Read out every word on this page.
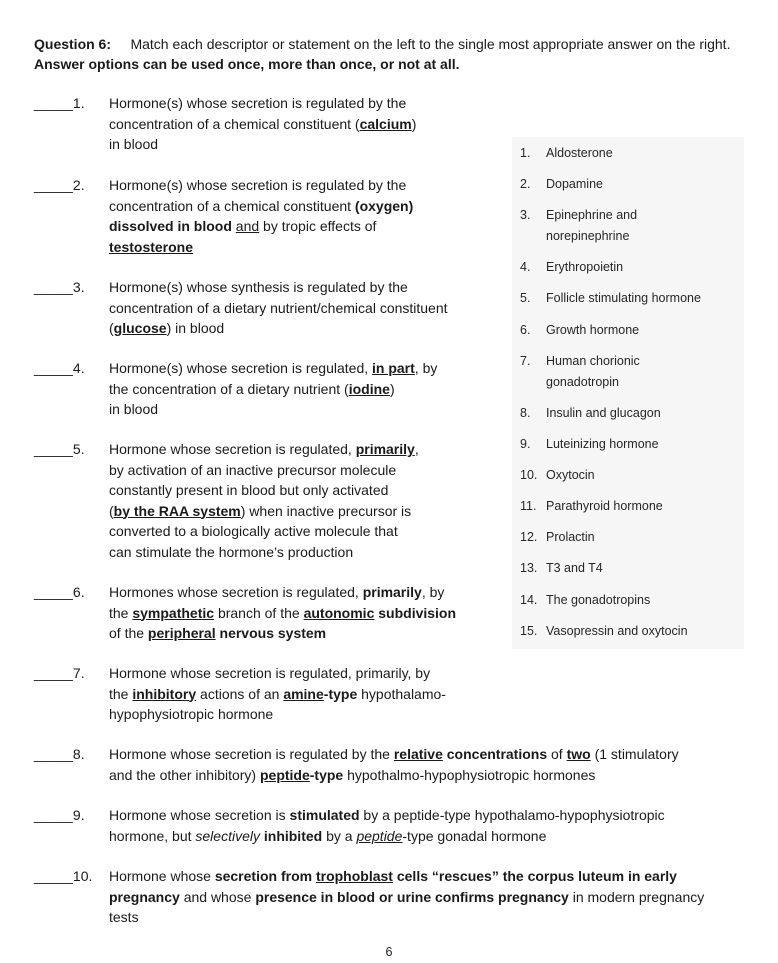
Question 6: Match each descriptor or statement on the left to the single most appropriate answer on the right.  Answer options can be used once, more than once, or not at all.
_____1. Hormone(s) whose secretion is regulated by the
concentration of a chemical constituent (calcium)
in blood
_____2. Hormone(s) whose secretion is regulated by the
concentration of a chemical constituent (oxygen)
dissolved in blood and by tropic effects of
testosterone
_____3. Hormone(s) whose synthesis is regulated by the
concentration of a dietary nutrient/chemical constituent
(glucose) in blood
_____4. Hormone(s) whose secretion is regulated, in part, by
the concentration of a dietary nutrient (iodine)
in blood
_____5. Hormone whose secretion is regulated, primarily,
by activation of an inactive precursor molecule
constantly present in blood but only activated
(by the RAA system) when inactive precursor is
converted to a biologically active molecule that
can stimulate the hormone’s production
_____6. Hormones whose secretion is regulated, primarily, by
the sympathetic branch of the autonomic subdivision
of the peripheral nervous system
_____7. Hormone whose secretion is regulated, primarily, by
the inhibitory actions of an amine-type hypothalamo-
hypophysiotropic hormone
_____8. Hormone whose secretion is regulated by the relative concentrations of two (1 stimulatory
and the other inhibitory) peptide-type hypothalmo-hypophysiotropic hormones
_____9. Hormone whose secretion is stimulated by a peptide-type hypothalamo-hypophysiotropic
hormone, but selectively inhibited by a peptide-type gonadal hormone
_____10. Hormone whose secretion from trophoblast cells “rescues” the corpus luteum in early
pregnancy and whose presence in blood or urine confirms pregnancy in modern pregnancy
tests
1. Aldosterone
2. Dopamine
3. Epinephrine and
norepinephrine
4. Erythropoietin
5. Follicle stimulating hormone
6. Growth hormone
7. Human chorionic
gonadotropin
8. Insulin and glucagon
9. Luteinizing hormone
10. Oxytocin
11. Parathyroid hormone
12. Prolactin
13. T3 and T4
14. The gonadotropins
15. Vasopressin and oxytocin
6
